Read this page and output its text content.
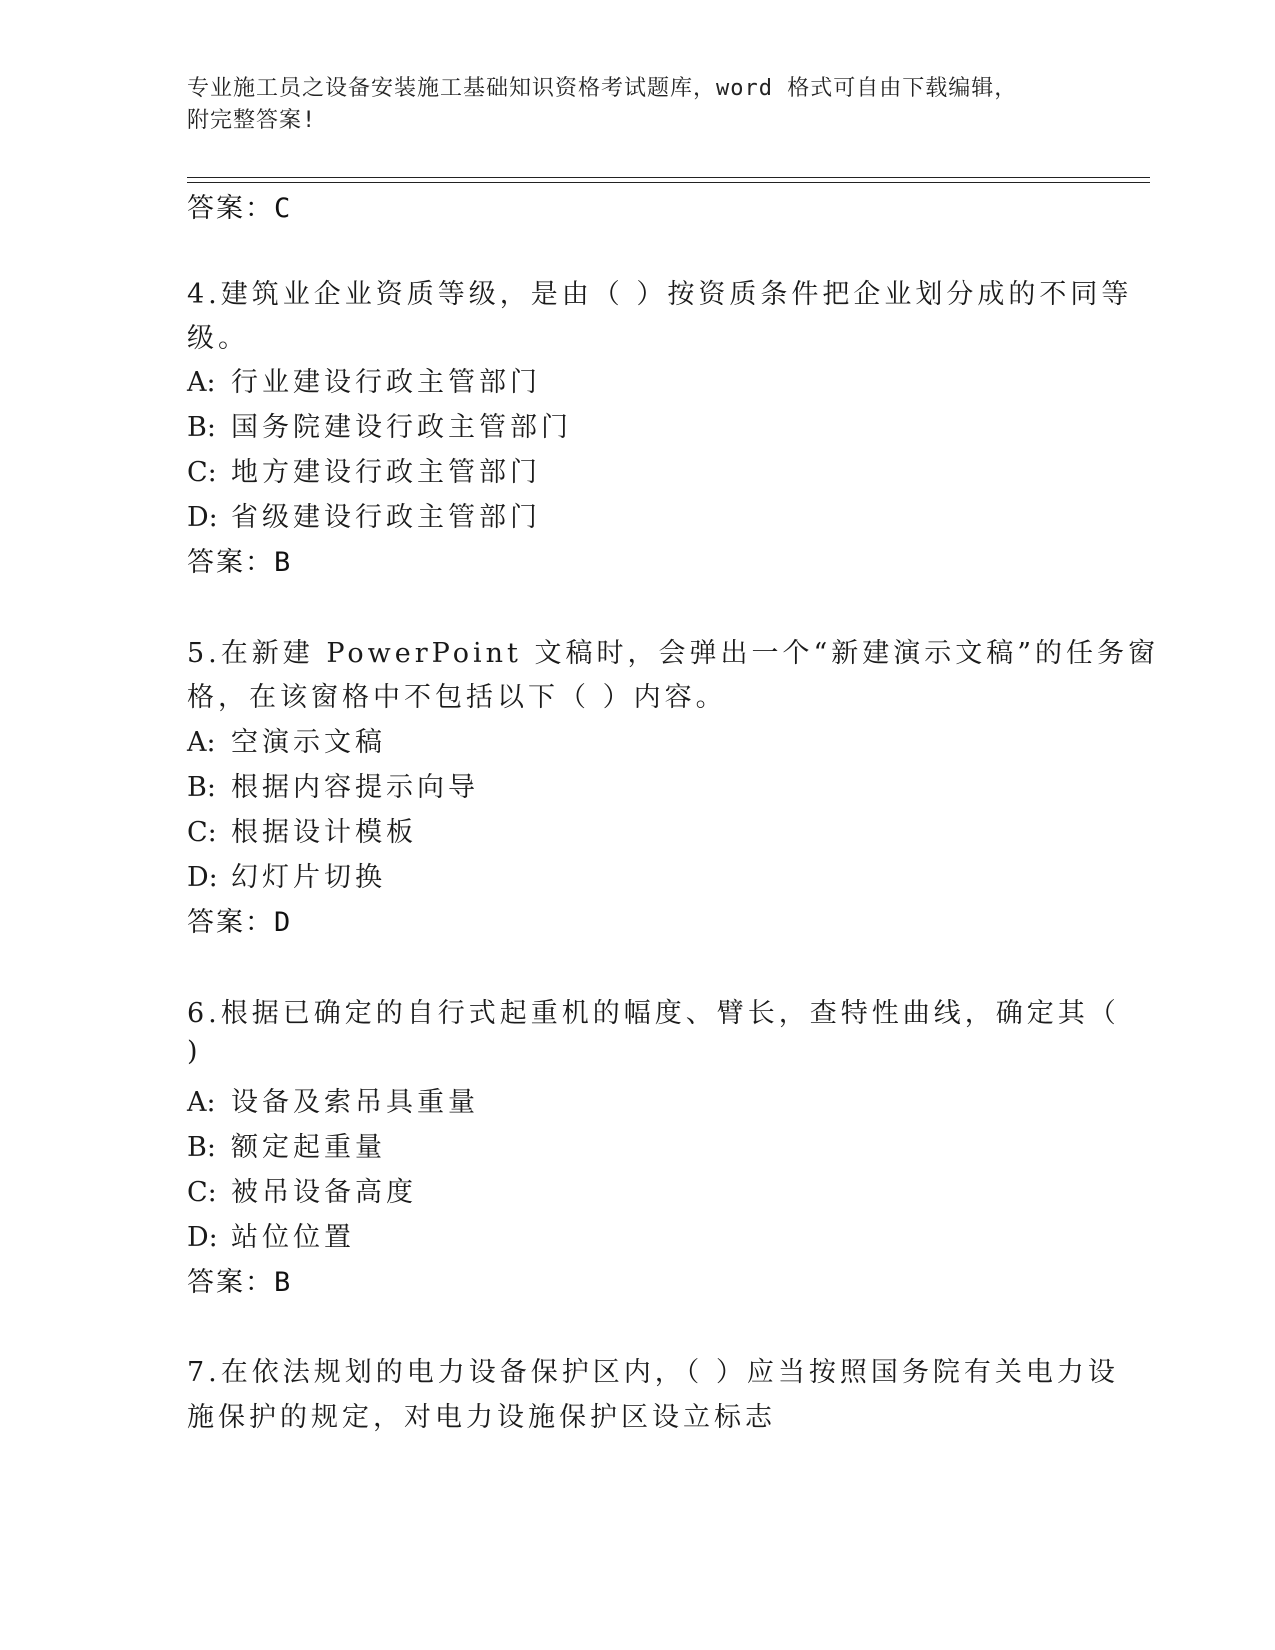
专业施工员之设备安装施工基础知识资格考试题库，word 格式可自由下载编辑，
附完整答案!
答案：C
4.建筑业企业资质等级，是由（ ）按资质条件把企业划分成的不同等
级。
A: 行业建设行政主管部门
B: 国务院建设行政主管部门
C: 地方建设行政主管部门
D: 省级建设行政主管部门
答案：B
5.在新建 PowerPoint 文稿时，会弹出一个“新建演示文稿”的任务窗
格，在该窗格中不包括以下（ ）内容。
A: 空演示文稿
B: 根据内容提示向导
C: 根据设计模板
D: 幻灯片切换
答案：D
6.根据已确定的自行式起重机的幅度、臂长，查特性曲线，确定其（
)
A: 设备及索吊具重量
B: 额定起重量
C: 被吊设备高度
D: 站位位置
答案：B
7.在依法规划的电力设备保护区内，（ ）应当按照国务院有关电力设
施保护的规定，对电力设施保护区设立标志
